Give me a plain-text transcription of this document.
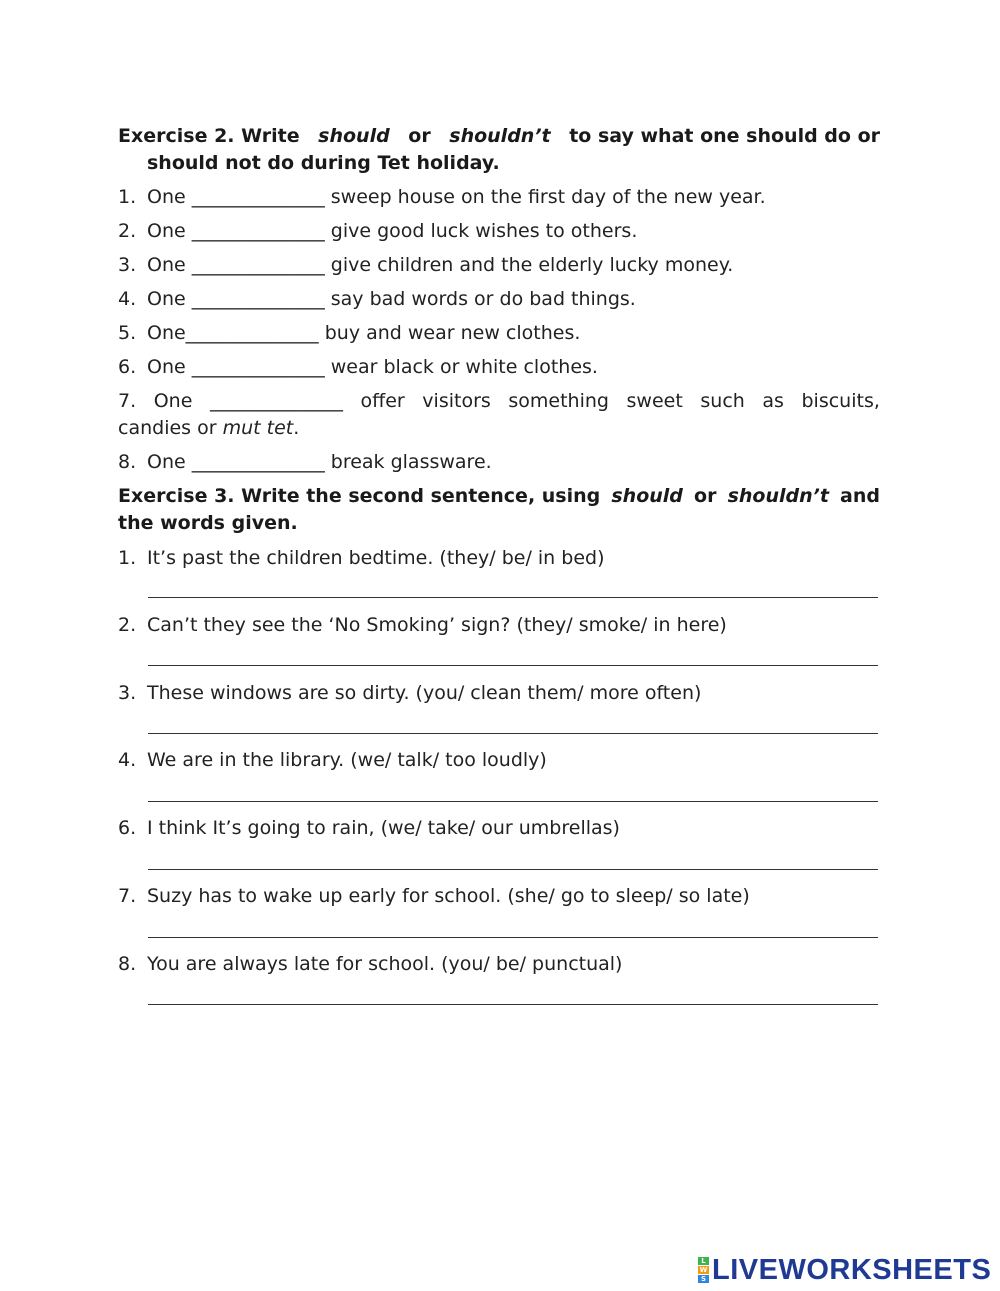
Exercise 2. Write should or shouldn’t to say what one should do or
should not do during Tet holiday.
1. One ______________ sweep house on the first day of the new year.
2. One ______________ give good luck wishes to others.
3. One ______________ give children and the elderly lucky money.
4. One ______________ say bad words or do bad things.
5. One______________ buy and wear new clothes.
6. One ______________ wear black or white clothes.
7. One ______________ offer visitors something sweet such as biscuits,
candies or mut tet.
8. One ______________ break glassware.
Exercise 3. Write the second sentence, using should or shouldn’t and
the words given.
1. It’s past the children bedtime. (they/ be/ in bed)
2. Can’t they see the ‘No Smoking’ sign? (they/ smoke/ in here)
3. These windows are so dirty. (you/ clean them/ more often)
4. We are in the library. (we/ talk/ too loudly)
6. I think It’s going to rain, (we/ take/ our umbrellas)
7. Suzy has to wake up early for school. (she/ go to sleep/ so late)
8. You are always late for school. (you/ be/ punctual)
L
W
S LIVEWORKSHEETS
